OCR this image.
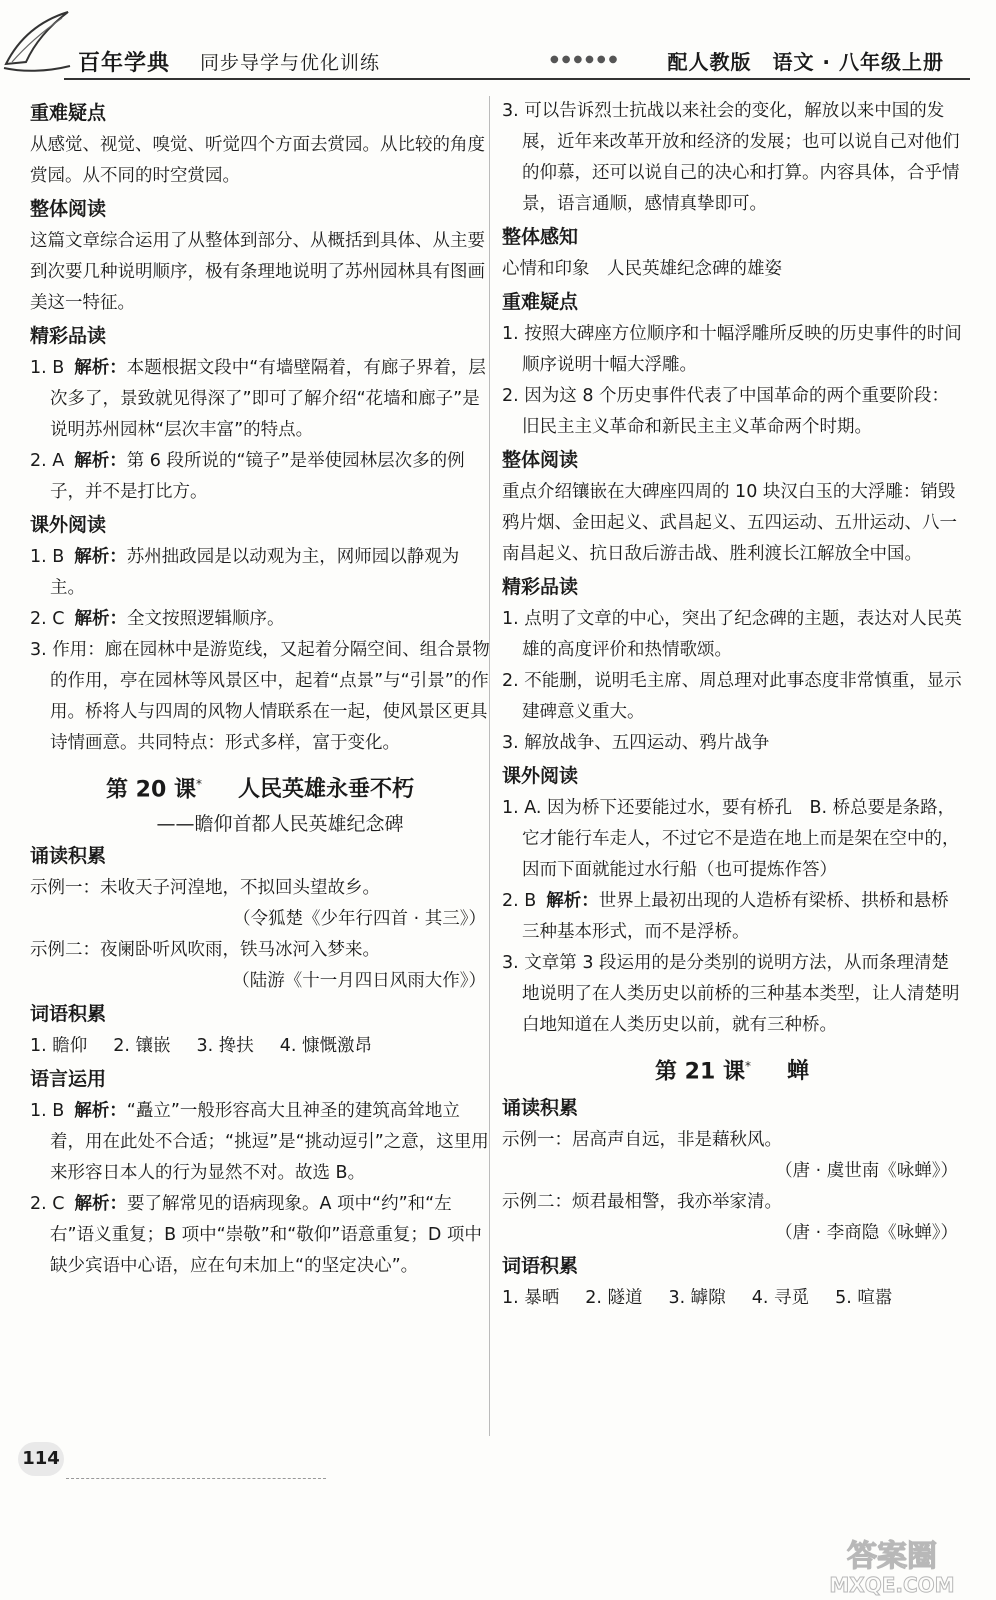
百年学典 同步导学与优化训练	●●●●●● 配人教版　语文 · 八年级上册
重难疑点

从感觉、视觉、嗅觉、听觉四个方面去赏园。从比较的角度赏园。从不同的时空赏园。

整体阅读

这篇文章综合运用了从整体到部分、从概括到具体、从主要到次要几种说明顺序，极有条理地说明了苏州园林具有图画美这一特征。

精彩品读

1. B 解析：本题根据文段中“有墙壁隔着，有廊子界着，层次多了，景致就见得深了”即可了解介绍“花墙和廊子”是说明苏州园林“层次丰富”的特点。

2. A 解析：第 6 段所说的“镜子”是举使园林层次多的例子，并不是打比方。

课外阅读

1. B 解析：苏州拙政园是以动观为主，网师园以静观为主。

2. C 解析：全文按照逻辑顺序。

3. 作用：廊在园林中是游览线，又起着分隔空间、组合景物的作用，亭在园林等风景区中，起着“点景”与“引景”的作用。桥将人与四周的风物人情联系在一起，使风景区更具诗情画意。共同特点：形式多样，富于变化。

第 20 课* 人民英雄永垂不朽
——瞻仰首都人民英雄纪念碑
诵读积累

示例一：未收天子河湟地，不拟回头望故乡。

（令狐楚《少年行四首 · 其三》）

示例二：夜阑卧听风吹雨，铁马冰河入梦来。

（陆游《十一月四日风雨大作》）

词语积累

1. 瞻仰 2. 镶嵌 3. 搀扶 4. 慷慨激昂

语言运用

1. B 解析：“矗立”一般形容高大且神圣的建筑高耸地立着，用在此处不合适；“挑逗”是“挑动逗引”之意，这里用来形容日本人的行为显然不对。故选 B。

2. C 解析：要了解常见的语病现象。A 项中“约”和“左右”语义重复；B 项中“崇敬”和“敬仰”语意重复；D 项中缺少宾语中心语，应在句末加上“的坚定决心”。

3. 可以告诉烈士抗战以来社会的变化，解放以来中国的发展，近年来改革开放和经济的发展；也可以说自己对他们的仰慕，还可以说自己的决心和打算。内容具体，合乎情景，语言通顺，感情真挚即可。

整体感知

心情和印象　人民英雄纪念碑的雄姿

重难疑点

1. 按照大碑座方位顺序和十幅浮雕所反映的历史事件的时间顺序说明十幅大浮雕。

2. 因为这 8 个历史事件代表了中国革命的两个重要阶段：旧民主主义革命和新民主主义革命两个时期。

整体阅读

重点介绍镶嵌在大碑座四周的 10 块汉白玉的大浮雕：销毁鸦片烟、金田起义、武昌起义、五四运动、五卅运动、八一南昌起义、抗日敌后游击战、胜利渡长江解放全中国。

精彩品读

1. 点明了文章的中心，突出了纪念碑的主题，表达对人民英雄的高度评价和热情歌颂。

2. 不能删，说明毛主席、周总理对此事态度非常慎重，显示建碑意义重大。

3. 解放战争、五四运动、鸦片战争

课外阅读

1. A. 因为桥下还要能过水，要有桥孔　B. 桥总要是条路，它才能行车走人，不过它不是造在地上而是架在空中的，因而下面就能过水行船（也可提炼作答）

2. B 解析：世界上最初出现的人造桥有梁桥、拱桥和悬桥三种基本形式，而不是浮桥。

3. 文章第 3 段运用的是分类别的说明方法，从而条理清楚地说明了在人类历史以前桥的三种基本类型，让人清楚明白地知道在人类历史以前，就有三种桥。

第 21 课* 蝉
诵读积累

示例一：居高声自远，非是藉秋风。

（唐 · 虞世南《咏蝉》）

示例二：烦君最相警，我亦举家清。

（唐 · 李商隐《咏蝉》）

词语积累

1. 暴晒 2. 隧道 3. 罅隙 4. 寻觅 5. 喧嚣

114
答案圈
MXQE.COM
